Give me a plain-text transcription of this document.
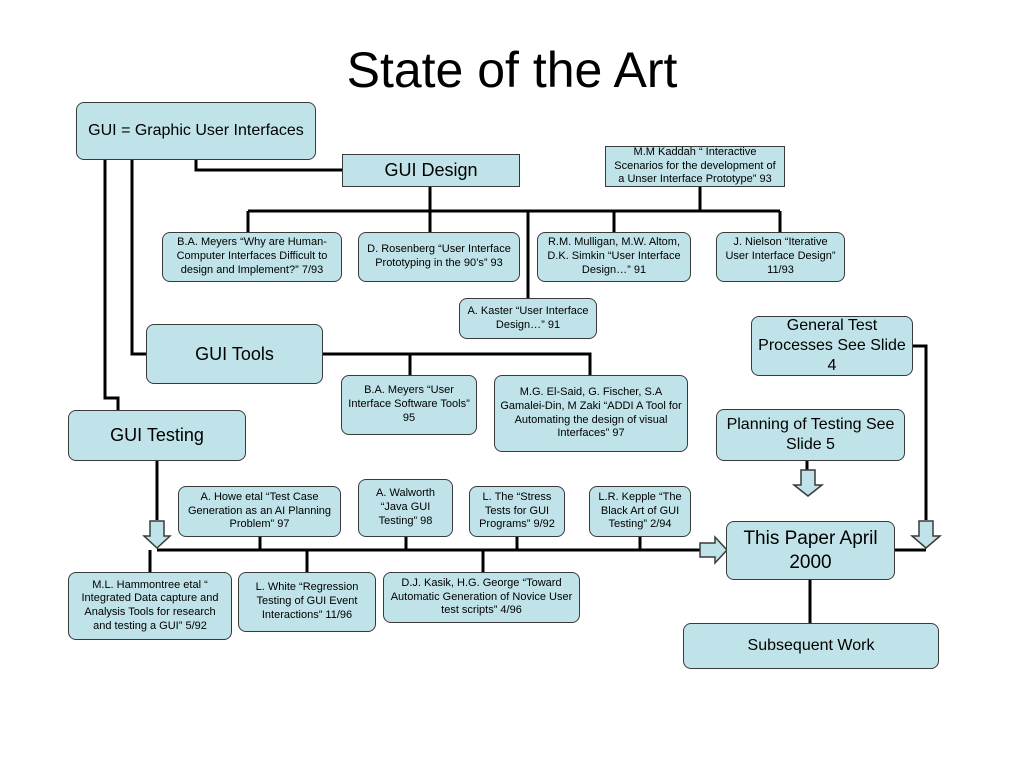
State of the Art
GUI = Graphic User Interfaces
GUI Design
M.M Kaddah “ Interactive Scenarios for the development of a Unser Interface Prototype” 93
B.A. Meyers “Why are Human-Computer Interfaces Difficult to design and Implement?” 7/93
D. Rosenberg “User Interface Prototyping in the 90’s” 93
R.M. Mulligan, M.W. Altom, D.K. Simkin “User Interface Design…” 91
J. Nielson “Iterative User Interface Design” 11/93
A. Kaster “User Interface Design…” 91
GUI Tools
General Test Processes See Slide 4
B.A. Meyers “User Interface Software Tools” 95
M.G. El-Said, G. Fischer, S.A Gamalei-Din, M Zaki “ADDI A Tool for Automating the design of visual Interfaces” 97
GUI Testing
Planning of Testing See Slide 5
A. Howe etal “Test Case Generation as an AI Planning Problem” 97
A. Walworth “Java GUI Testing” 98
L. The “Stress Tests for GUI Programs” 9/92
L.R. Kepple “The Black Art of GUI Testing” 2/94
This Paper April 2000
M.L. Hammontree etal “ Integrated Data capture and Analysis Tools for research and testing a GUI” 5/92
L. White “Regression Testing of GUI Event Interactions” 11/96
D.J. Kasik, H.G. George “Toward Automatic Generation of Novice User test scripts” 4/96
Subsequent Work
